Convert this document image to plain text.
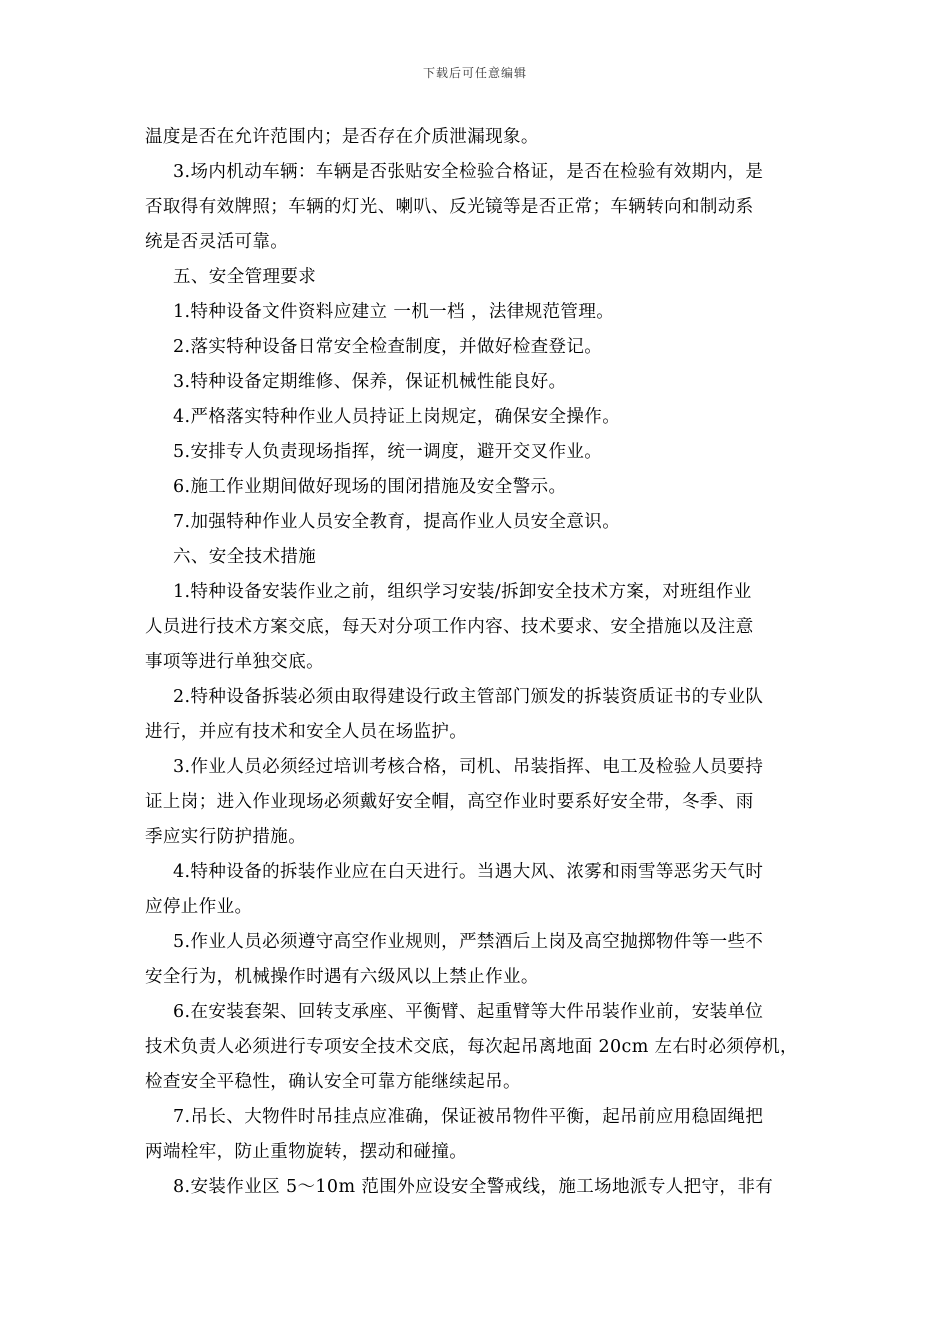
下载后可任意编辑
温度是否在允许范围内；是否存在介质泄漏现象。
3.场内机动车辆：车辆是否张贴安全检验合格证，是否在检验有效期内，是
否取得有效牌照；车辆的灯光、喇叭、反光镜等是否正常；车辆转向和制动系
统是否灵活可靠。
五、安全管理要求
1.特种设备文件资料应建立 一机一档 ，法律规范管理。
2.落实特种设备日常安全检查制度，并做好检查登记。
3.特种设备定期维修、保养，保证机械性能良好。
4.严格落实特种作业人员持证上岗规定，确保安全操作。
5.安排专人负责现场指挥，统一调度，避开交叉作业。
6.施工作业期间做好现场的围闭措施及安全警示。
7.加强特种作业人员安全教育，提高作业人员安全意识。
六、安全技术措施
1.特种设备安装作业之前，组织学习安装/拆卸安全技术方案，对班组作业
人员进行技术方案交底，每天对分项工作内容、技术要求、安全措施以及注意
事项等进行单独交底。
2.特种设备拆装必须由取得建设行政主管部门颁发的拆装资质证书的专业队
进行，并应有技术和安全人员在场监护。
3.作业人员必须经过培训考核合格，司机、吊装指挥、电工及检验人员要持
证上岗；进入作业现场必须戴好安全帽，高空作业时要系好安全带，冬季、雨
季应实行防护措施。
4.特种设备的拆装作业应在白天进行。当遇大风、浓雾和雨雪等恶劣天气时
应停止作业。
5.作业人员必须遵守高空作业规则，严禁酒后上岗及高空抛掷物件等一些不
安全行为，机械操作时遇有六级风以上禁止作业。
6.在安装套架、回转支承座、平衡臂、起重臂等大件吊装作业前，安装单位
技术负责人必须进行专项安全技术交底，每次起吊离地面 20cm 左右时必须停机，
检查安全平稳性，确认安全可靠方能继续起吊。
7.吊长、大物件时吊挂点应准确，保证被吊物件平衡，起吊前应用稳固绳把
两端栓牢，防止重物旋转，摆动和碰撞。
8.安装作业区 5～10m 范围外应设安全警戒线，施工场地派专人把守，非有
